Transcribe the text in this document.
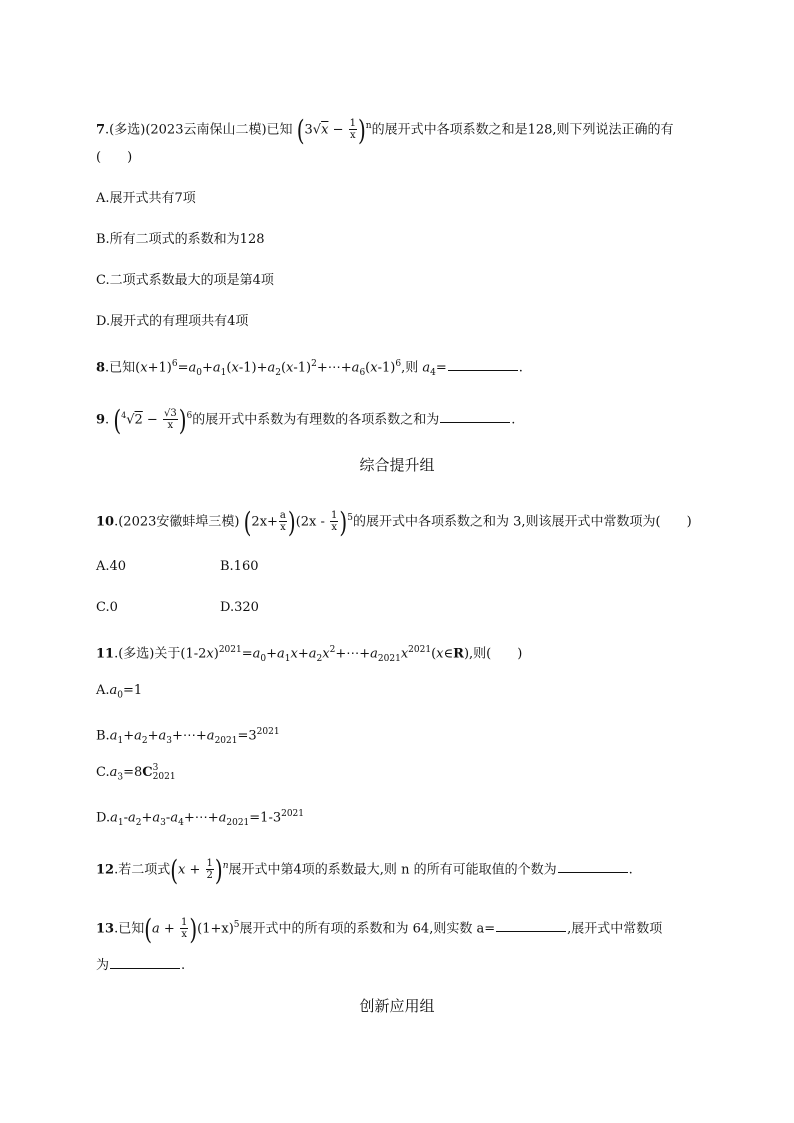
7.(多选)(2023云南保山二模)已知 $(3√x - \frac{1}{x} )^n$的展开式中各项系数之和是128,则下列说法正确的有
(　　)
A.展开式共有7项
B.所有二项式的系数和为128
C.二项式系数最大的项是第4项
D.展开式的有理项共有4项
8.已知$(x+1)^6=a_0+a_1(x-1)+a_2(x-1)^2+\cdots+a_6(x-1)^6$,则 $a_4=$	.
9. $(^4√2 - \frac{√3}{x} )^6$的展开式中系数为有理数的各项系数之和为	.
综合提升组
10.(2023安徽蚌埠三模) $(2x+ \frac{a}{x} )(2x - \frac{1}{x} )^5$的展开式中各项系数之和为 3,则该展开式中常数项为(　　)
A.40	B.160
C.0	D.320
11.(多选)关于$(1-2x)^{2021}=a_0+a_1x+a_2x^2+\cdots+a_{2021}x^{2021}(x\in R)$,则(　　)
$A.a_0=1$
$B.a_1+a_2+a_3+\cdots+a_{2021}=3^{2021}$
$C.a_3=8C$ 3
2021
$D.a_1-a_2+a_3-a_4+\cdots+a_{2021}=1-3^{2021}$
12.若二项式$(x + \frac{1}{2} )^n$展开式中第4项的系数最大,则 n 的所有可能取值的个数为	.
13.已知$(a + \frac{1}{x} )(1+x)^5$展开式中的所有项的系数和为 64,则实数 a=	,展开式中常数项
为	.
创新应用组
